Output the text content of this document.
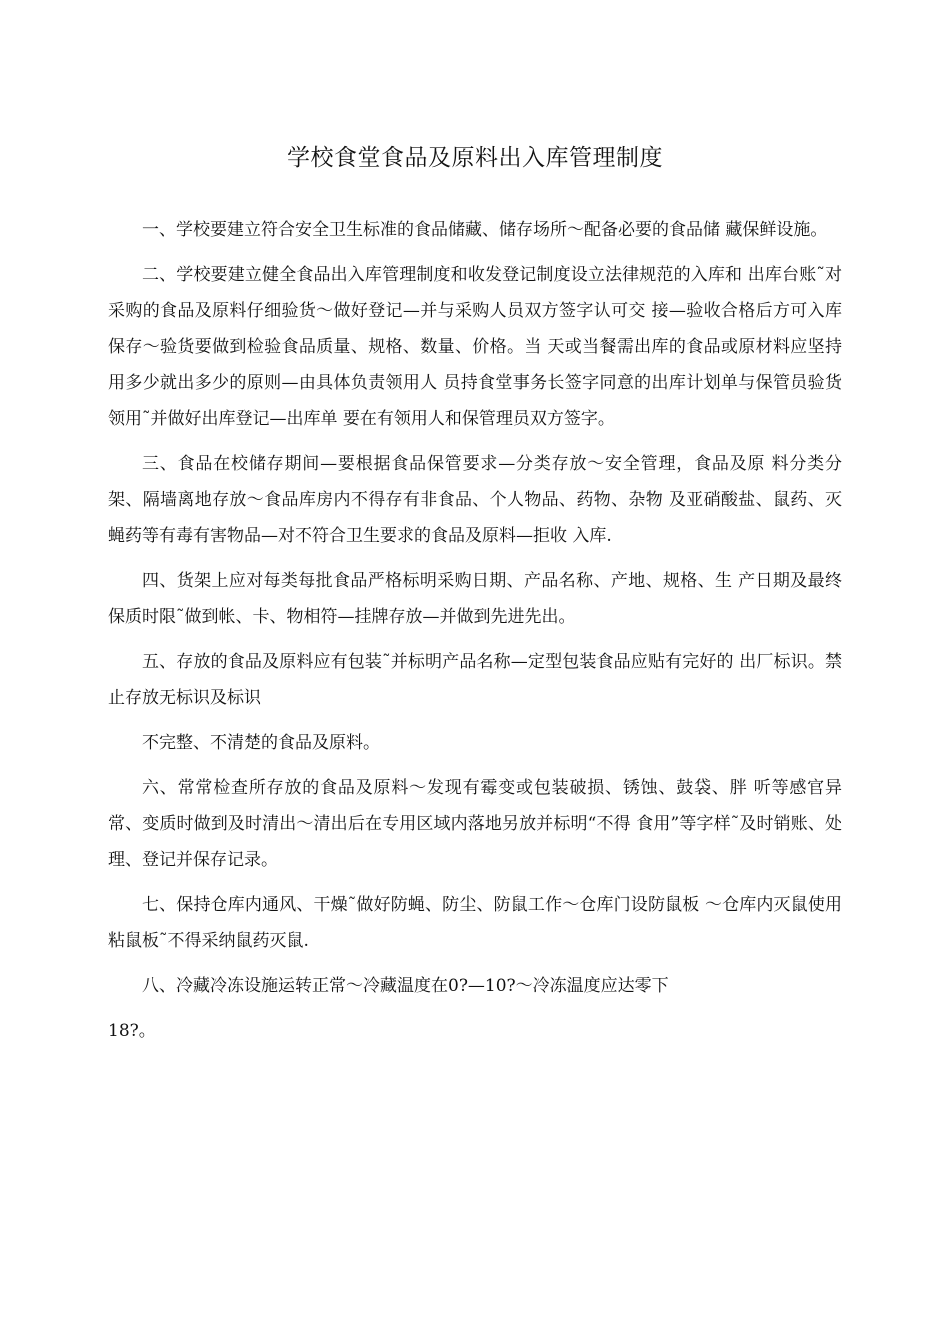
学校食堂食品及原料出入库管理制度

一、学校要建立符合安全卫生标准的食品储藏、储存场所〜配备必要的食品储 藏保鲜设施。

二、学校要建立健全食品出入库管理制度和收发登记制度设立法律规范的入库和 出库台账˜对采购的食品及原料仔细验货〜做好登记—并与采购人员双方签字认可交 接—验收合格后方可入库保存〜验货要做到检验食品质量、规格、数量、价格。当 天或当餐需出库的食品或原材料应坚持用多少就出多少的原则—由具体负责领用人 员持食堂事务长签字同意的出库计划单与保管员验货领用˜并做好出库登记—出库单 要在有领用人和保管理员双方签字。

三、食品在校储存期间—要根据食品保管要求—分类存放〜安全管理，食品及原 料分类分架、隔墙离地存放〜食品库房内不得存有非食品、个人物品、药物、杂物 及亚硝酸盐、鼠药、灭蝇药等有毒有害物品—对不符合卫生要求的食品及原料—拒收 入库.

四、货架上应对每类每批食品严格标明采购日期、产品名称、产地、规格、生 产日期及最终保质时限˜做到帐、卡、物相符—挂牌存放—并做到先进先出。

五、存放的食品及原料应有包装˜并标明产品名称—定型包装食品应贴有完好的 出厂标识。禁止存放无标识及标识

不完整、不清楚的食品及原料。

六、常常检查所存放的食品及原料〜发现有霉变或包装破损、锈蚀、鼓袋、胖 听等感官异常、变质时做到及时清出〜清出后在专用区域内落地另放并标明“不得 食用”等字样˜及时销账、处理、登记并保存记录。

七、保持仓库内通风、干燥˜做好防蝇、防尘、防鼠工作〜仓库门设防鼠板 〜仓库内灭鼠使用粘鼠板˜不得采纳鼠药灭鼠.

八、冷藏冷冻设施运转正常〜冷藏温度在0?—10?〜冷冻温度应达零下

18?。
